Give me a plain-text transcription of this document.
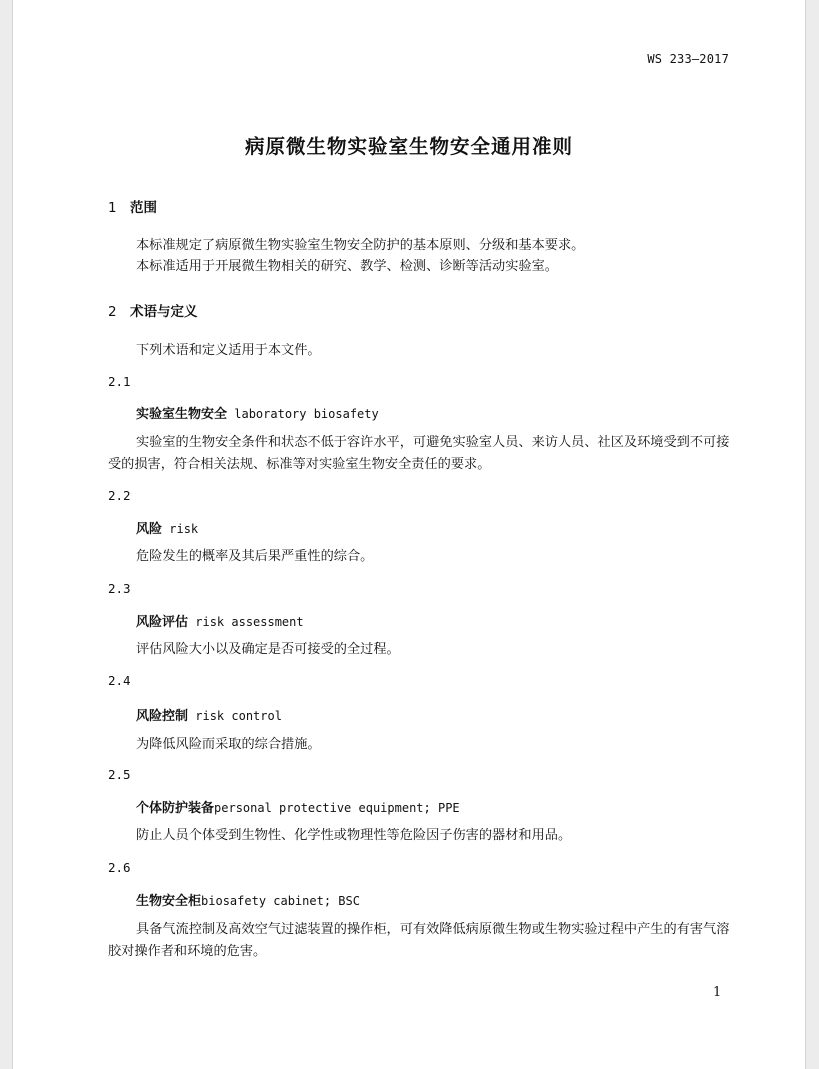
WS 233—2017
病原微生物实验室生物安全通用准则
1 范围
本标准规定了病原微生物实验室生物安全防护的基本原则、分级和基本要求。
本标准适用于开展微生物相关的研究、教学、检测、诊断等活动实验室。
2 术语与定义
下列术语和定义适用于本文件。
2.1
实验室生物安全 laboratory biosafety
实验室的生物安全条件和状态不低于容许水平，可避免实验室人员、来访人员、社区及环境受到不可接受的损害，符合相关法规、标准等对实验室生物安全责任的要求。
2.2
风险 risk
危险发生的概率及其后果严重性的综合。
2.3
风险评估 risk assessment
评估风险大小以及确定是否可接受的全过程。
2.4
风险控制 risk control
为降低风险而采取的综合措施。
2.5
个体防护装备personal protective equipment; PPE
防止人员个体受到生物性、化学性或物理性等危险因子伤害的器材和用品。
2.6
生物安全柜biosafety cabinet; BSC
具备气流控制及高效空气过滤装置的操作柜，可有效降低病原微生物或生物实验过程中产生的有害气溶胶对操作者和环境的危害。
1
